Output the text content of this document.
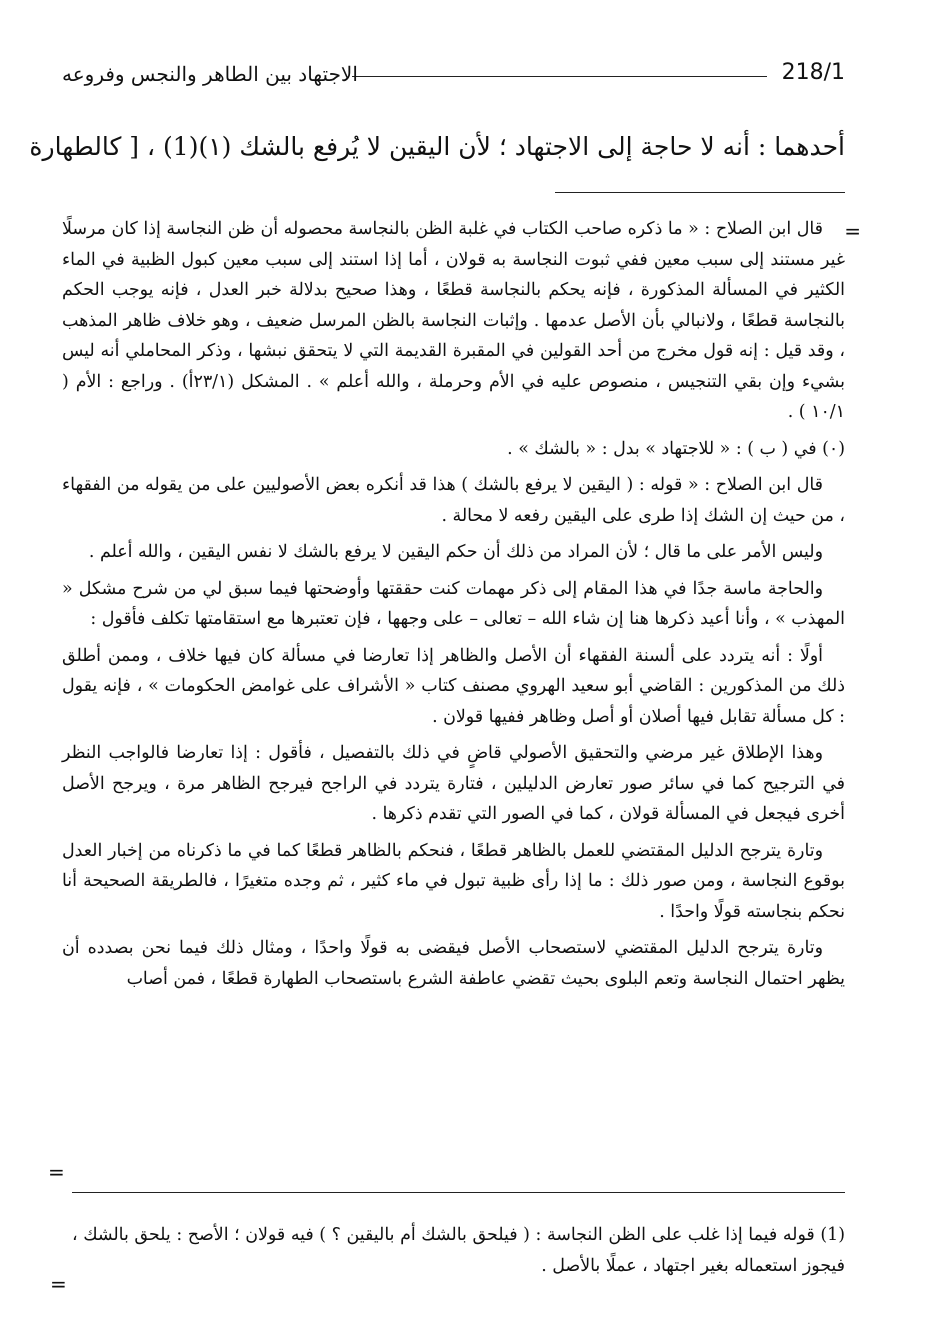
218/1
الاجتهاد بين الطاهر والنجس وفروعه
أحدهما : أنه لا حاجة إلى الاجتهاد ؛ لأن اليقين لا يُرفع بالشك (١)(1) ، [ كالطهارة
=

قال ابن الصلاح : « ما ذكره صاحب الكتاب في غلبة الظن بالنجاسة محصوله أن ظن النجاسة إذا كان مرسلًا غير مستند إلى سبب معين ففي ثبوت النجاسة به قولان ، أما إذا استند إلى سبب معين كبول الظبية في الماء الكثير في المسألة المذكورة ، فإنه يحكم بالنجاسة قطعًا ، وهذا صحيح بدلالة خبر العدل ، فإنه يوجب الحكم بالنجاسة قطعًا ، ولانبالي بأن الأصل عدمها . وإثبات النجاسة بالظن المرسل ضعيف ، وهو خلاف ظاهر المذهب ، وقد قيل : إنه قول مخرج من أحد القولين في المقبرة القديمة التي لا يتحقق نبشها ، وذكر المحاملي أنه ليس بشيء وإن بقي التنجيس ، منصوص عليه في الأم وحرملة ، والله أعلم » . المشكل (٢٣/١أ) . وراجع : الأم ( ١٠/١ ) .

(٠) في ( ب ) : « للاجتهاد » بدل : « بالشك » .

قال ابن الصلاح : « قوله : ( اليقين لا يرفع بالشك ) هذا قد أنكره بعض الأصوليين على من يقوله من الفقهاء ، من حيث إن الشك إذا طرى على اليقين رفعه لا محالة .

وليس الأمر على ما قال ؛ لأن المراد من ذلك أن حكم اليقين لا يرفع بالشك لا نفس اليقين ، والله أعلم .

والحاجة ماسة جدًا في هذا المقام إلى ذكر مهمات كنت حققتها وأوضحتها فيما سبق لي من شرح مشكل « المهذب » ، وأنا أعيد ذكرها هنا إن شاء الله – تعالى – على وجهها ، فإن تعتبرها مع استقامتها تكلف فأقول :

أولًا : أنه يتردد على ألسنة الفقهاء أن الأصل والظاهر إذا تعارضا في مسألة كان فيها خلاف ، وممن أطلق ذلك من المذكورين : القاضي أبو سعيد الهروي مصنف كتاب « الأشراف على غوامض الحكومات » ، فإنه يقول : كل مسألة تقابل فيها أصلان أو أصل وظاهر ففيها قولان .

وهذا الإطلاق غير مرضي والتحقيق الأصولي قاضٍ في ذلك بالتفصيل ، فأقول : إذا تعارضا فالواجب النظر في الترجيح كما في سائر صور تعارض الدليلين ، فتارة يتردد في الراجح فيرجح الظاهر مرة ، ويرجح الأصل أخرى فيجعل في المسألة قولان ، كما في الصور التي تقدم ذكرها .

وتارة يترجح الدليل المقتضي للعمل بالظاهر قطعًا ، فنحكم بالظاهر قطعًا كما في ما ذكرناه من إخبار العدل بوقوع النجاسة ، ومن صور ذلك : ما إذا رأى ظبية تبول في ماء كثير ، ثم وجده متغيرًا ، فالطريقة الصحيحة أنا نحكم بنجاسته قولًا واحدًا .

وتارة يترجح الدليل المقتضي لاستصحاب الأصل فيقضى به قولًا واحدًا ، ومثال ذلك فيما نحن بصدده أن يظهر احتمال النجاسة وتعم البلوى بحيث تقضي عاطفة الشرع باستصحاب الطهارة قطعًا ، فمن أصاب

=

(1) قوله فيما إذا غلب على الظن النجاسة : ( فيلحق بالشك أم باليقين ؟ ) فيه قولان ؛ الأصح : يلحق بالشك ، فيجوز استعماله بغير اجتهاد ، عملًا بالأصل .

=
